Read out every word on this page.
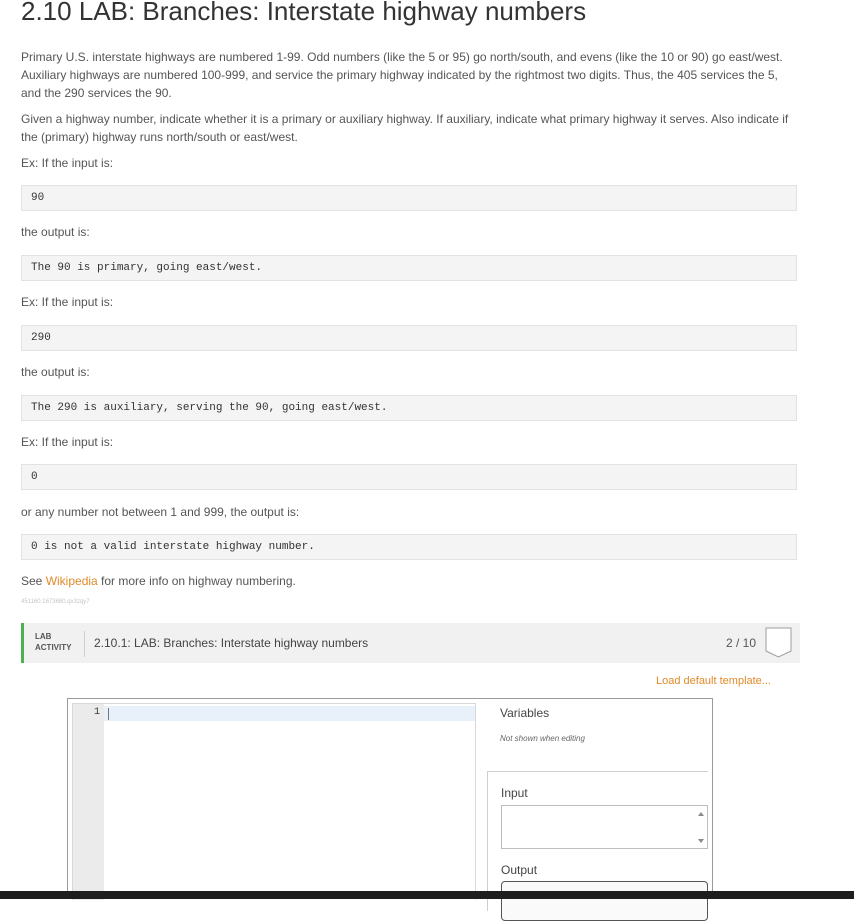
2.10 LAB: Branches: Interstate highway numbers

Primary U.S. interstate highways are numbered 1-99. Odd numbers (like the 5 or 95) go north/south, and evens (like the 10 or 90) go east/west. Auxiliary highways are numbered 100-999, and service the primary highway indicated by the rightmost two digits. Thus, the 405 services the 5, and the 290 services the 90.

Given a highway number, indicate whether it is a primary or auxiliary highway. If auxiliary, indicate what primary highway it serves. Also indicate if the (primary) highway runs north/south or east/west.

Ex: If the input is:

90

the output is:

The 90 is primary, going east/west.

Ex: If the input is:

290

the output is:

The 290 is auxiliary, serving the 90, going east/west.

Ex: If the input is:

0

or any number not between 1 and 999, the output is:

0 is not a valid interstate highway number.

See Wikipedia for more info on highway numbering.

451160.1673680.qx3zqy7
LAB
ACTIVITY 2.10.1: LAB: Branches: Interstate highway numbers	2 / 10
Load default template...
1	Variables
Not shown when editing
Input
Output
